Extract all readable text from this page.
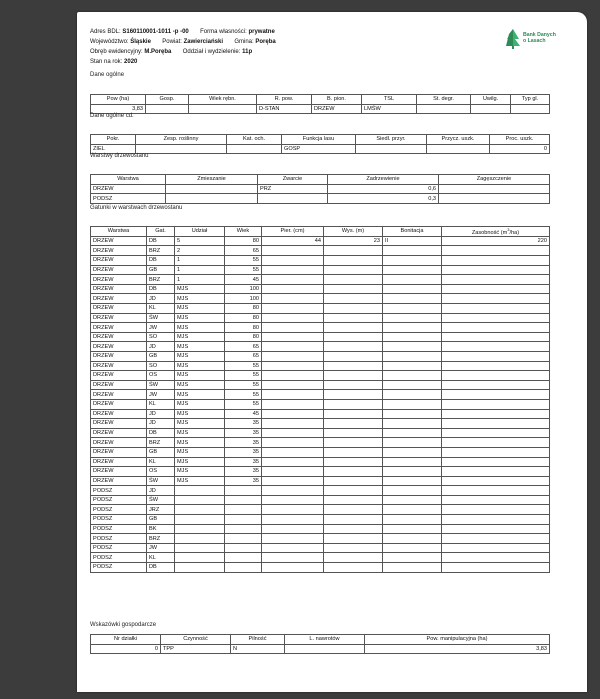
Adres BDL: S160110001-1011 -p -00 Forma własności: prywatne
Województwo: Śląskie Powiat: Zawierciański Gmina: Poręba
Obręb ewidencyjny: M.Poręba Oddział i wydzielenie: 11p
Stan na rok: 2020
Bank Danych
o Lasach
Dane ogólne
Pow (ha)	Gosp.	Wiek rębn.	R. pow.	B. pion.	TSL	St. degr.	Uwilg.	Typ gl.
3,83			D-STAN	DRZEW	LMŚW			
Dane ogólne cd.
Pokr.	Zesp. roślinny	Kat. och.	Funkcja lasu	Siedl. przyr.	Przycz. uszk.	Proc. uszk.
ZIEL			GOSP			0
Warstwy drzewostanu
Warstwa	Zmieszanie	Zwarcie	Zadrzewienie	Zagęszczenie
DRZEW		PRZ	0,6	
PODSZ			0,3	
Gatunki w warstwach drzewostanu
Warstwa	Gat.	Udział	Wiek	Pier. (cm)	Wys. (m)	Bonitacja	Zasobność $(m^3/ha)$
DRZEW	DB	5	80	44	23	II	220
DRZEW	BRZ	2	65				
DRZEW	DB	1	55				
DRZEW	GB	1	55				
DRZEW	BRZ	1	45				
DRZEW	DB	MJS	100				
DRZEW	JD	MJS	100				
DRZEW	KL	MJS	80				
DRZEW	ŚW	MJS	80				
DRZEW	JW	MJS	80				
DRZEW	SO	MJS	80				
DRZEW	JD	MJS	65				
DRZEW	GB	MJS	65				
DRZEW	SO	MJS	55				
DRZEW	OS	MJS	55				
DRZEW	ŚW	MJS	55				
DRZEW	JW	MJS	55				
DRZEW	KL	MJS	55				
DRZEW	JD	MJS	45				
DRZEW	JD	MJS	35				
DRZEW	DB	MJS	35				
DRZEW	BRZ	MJS	35				
DRZEW	GB	MJS	35				
DRZEW	KL	MJS	35				
DRZEW	OS	MJS	35				
DRZEW	ŚW	MJS	35				
PODSZ	JD						
PODSZ	ŚW						
PODSZ	JRZ						
PODSZ	GB						
PODSZ	BK						
PODSZ	BRZ						
PODSZ	JW						
PODSZ	KL						
PODSZ	DB						
Wskazówki gospodarcze
Nr działki	Czynność	Pilność	L. nawrotów	Pow. manipulacyjna (ha)
0	TPP	N		3,83
